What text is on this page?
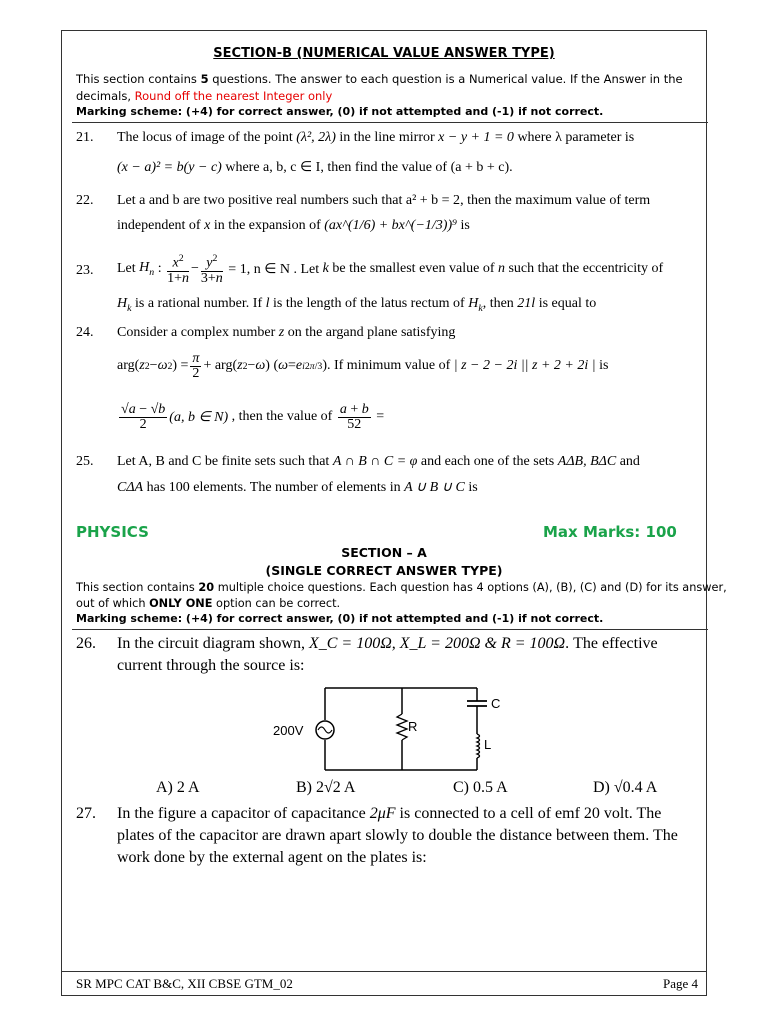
SECTION-B (NUMERICAL VALUE ANSWER TYPE)
This section contains 5 questions. The answer to each question is a Numerical value. If the Answer in the
decimals, Round off the nearest Integer only
Marking scheme: (+4) for correct answer, (0) if not attempted and (-1) if not correct.
21. The locus of image of the point (λ², 2λ) in the line mirror x − y + 1 = 0 where λ parameter is
(x − a)² = b(y − c) where a, b, c ∈ I, then find the value of (a + b + c).
22. Let a and b are two positive real numbers such that a² + b = 2, then the maximum value of term
independent of x in the expansion of (ax^(1/6) + bx^(−1/3))⁹ is
23. Let
$H_n$ : $\frac{x^2}{1+n} - \frac{y^2}{3+n}$
= 1, n ∈ N . Let
k
be the smallest even value of
n
such that the eccentricity of
$H_k$ is a rational number. If l is the length of the latus rectum of $H_k$, then 21l is equal to
24. Consider a complex number z on the argand plane satisfying
arg( z 2 − ω 2 ) = $\frac{\pi}{2} + arg$( z 2 − ω ) ( ω = e i2π/3 ) . If minimum value of
| z − 2 − 2i || z + 2 + 2i |
is
$\frac{√a - √b}{2} (a$, b ∈ N)
, then the value of
$\frac{a + b}{52}$ =
25. Let A, B and C be finite sets such that A ∩ B ∩ C = φ and each one of the sets AΔB, BΔC and
CΔA has 100 elements. The number of elements in A ∪ B ∪ C is
PHYSICS	Max Marks: 100
SECTION – A
(SINGLE CORRECT ANSWER TYPE)
This section contains 20 multiple choice questions. Each question has 4 options (A), (B), (C) and (D) for its answer,
out of which ONLY ONE option can be correct.
Marking scheme: (+4) for correct answer, (0) if not attempted and (-1) if not correct.
26. In the circuit diagram shown, X_C = 100Ω, X_L = 200Ω & R = 100Ω. The effective
current through the source is:
200V	R
C
L
A) 2 A	B) 2√2 A	C) 0.5 A	D) √0.4 A
27. In the figure a capacitor of capacitance 2μF is connected to a cell of emf 20 volt. The
plates of the capacitor are drawn apart slowly to double the distance between them. The
work done by the external agent on the plates is:
SR MPC CAT B&C, XII CBSE GTM_02	Page 4
